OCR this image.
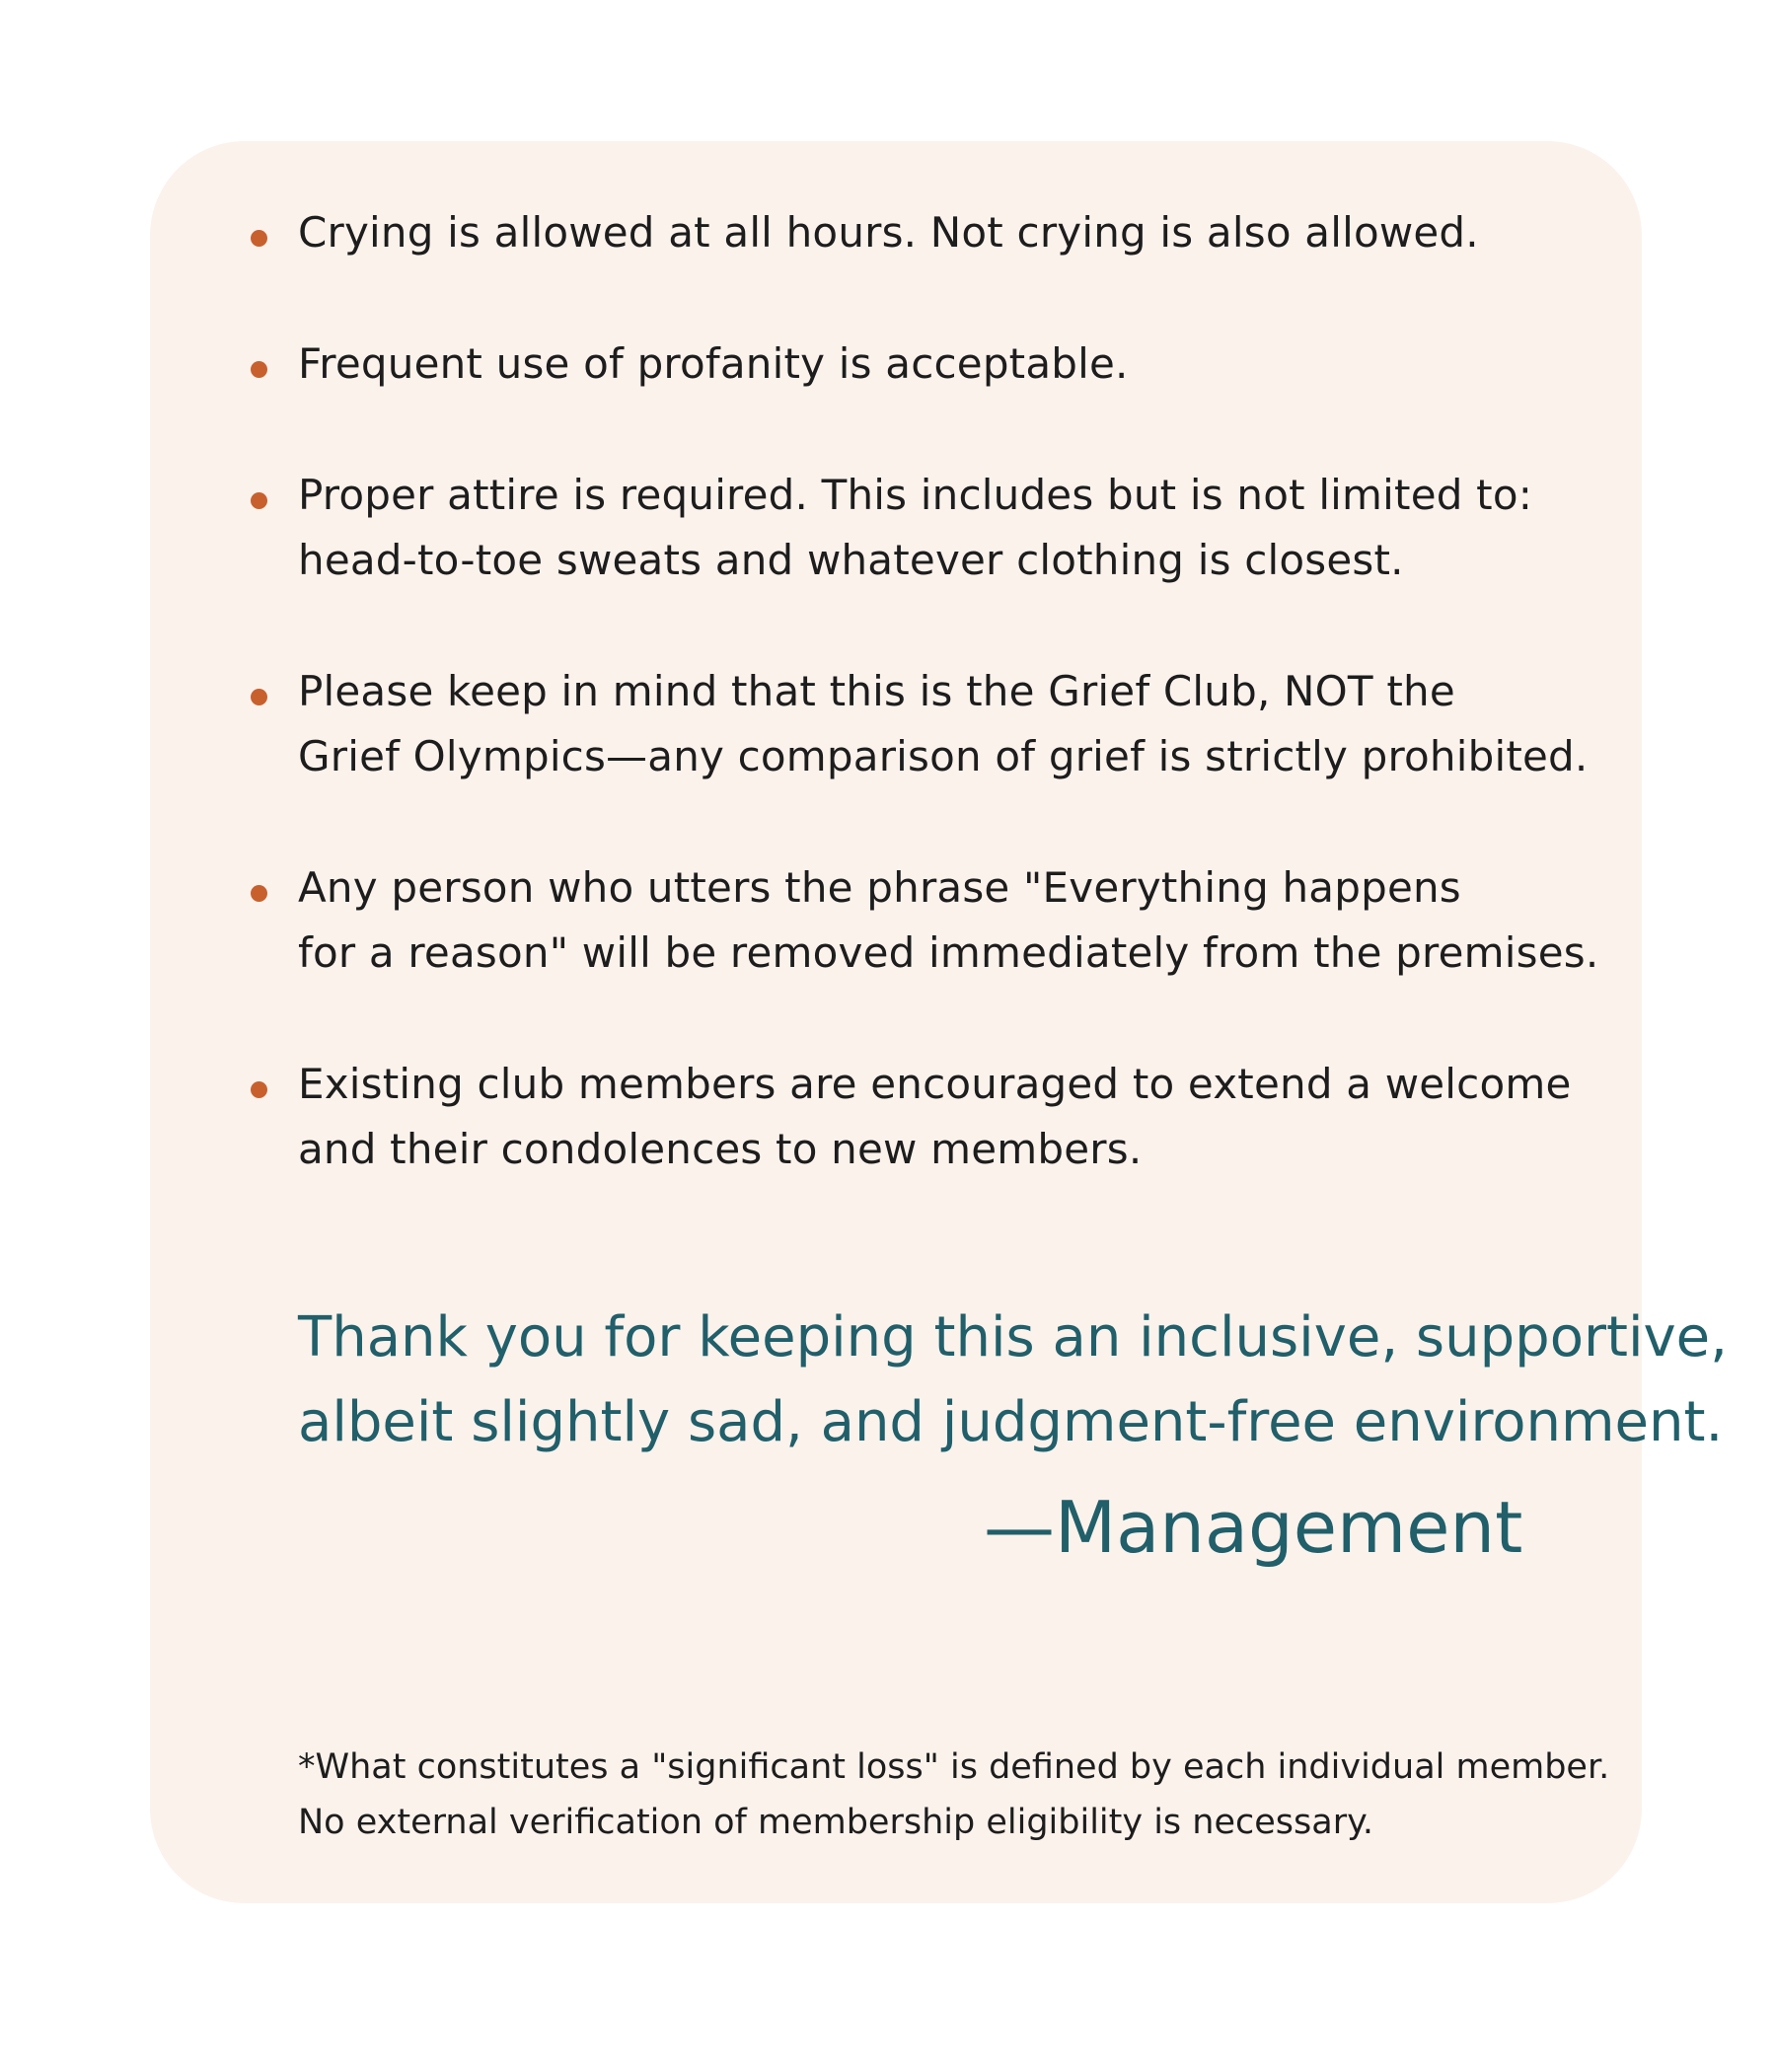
Crying is allowed at all hours. Not crying is also allowed.
Frequent use of profanity is acceptable.
Proper attire is required. This includes but is not limited to:
head-to-toe sweats and whatever clothing is closest.
Please keep in mind that this is the Grief Club, NOT the
Grief Olympics—any comparison of grief is strictly prohibited.
Any person who utters the phrase "Everything happens
for a reason" will be removed immediately from the premises.
Existing club members are encouraged to extend a welcome
and their condolences to new members.
Thank you for keeping this an inclusive, supportive,
albeit slightly sad, and judgment-free environment.
—Management
*What constitutes a "significant loss" is defined by each individual member.
No external verification of membership eligibility is necessary.
